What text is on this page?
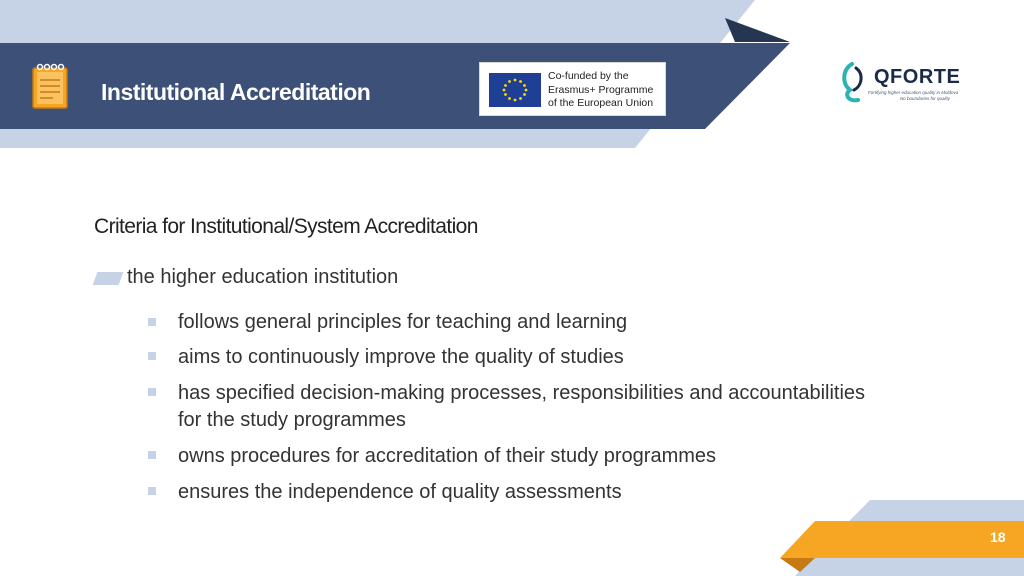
Institutional Accreditation
Co-funded by the
Erasmus+ Programme
of the European Union
QFORTE
Fortifying higher education quality in Moldova
No boundaries for quality
Criteria for Institutional/System Accreditation
the higher education institution
follows general principles for teaching and learning
aims to continuously improve the quality of studies
has specified decision-making processes, responsibilities and accountabilities
for the study programmes
owns procedures for accreditation of their study programmes
ensures the independence of quality assessments
18
